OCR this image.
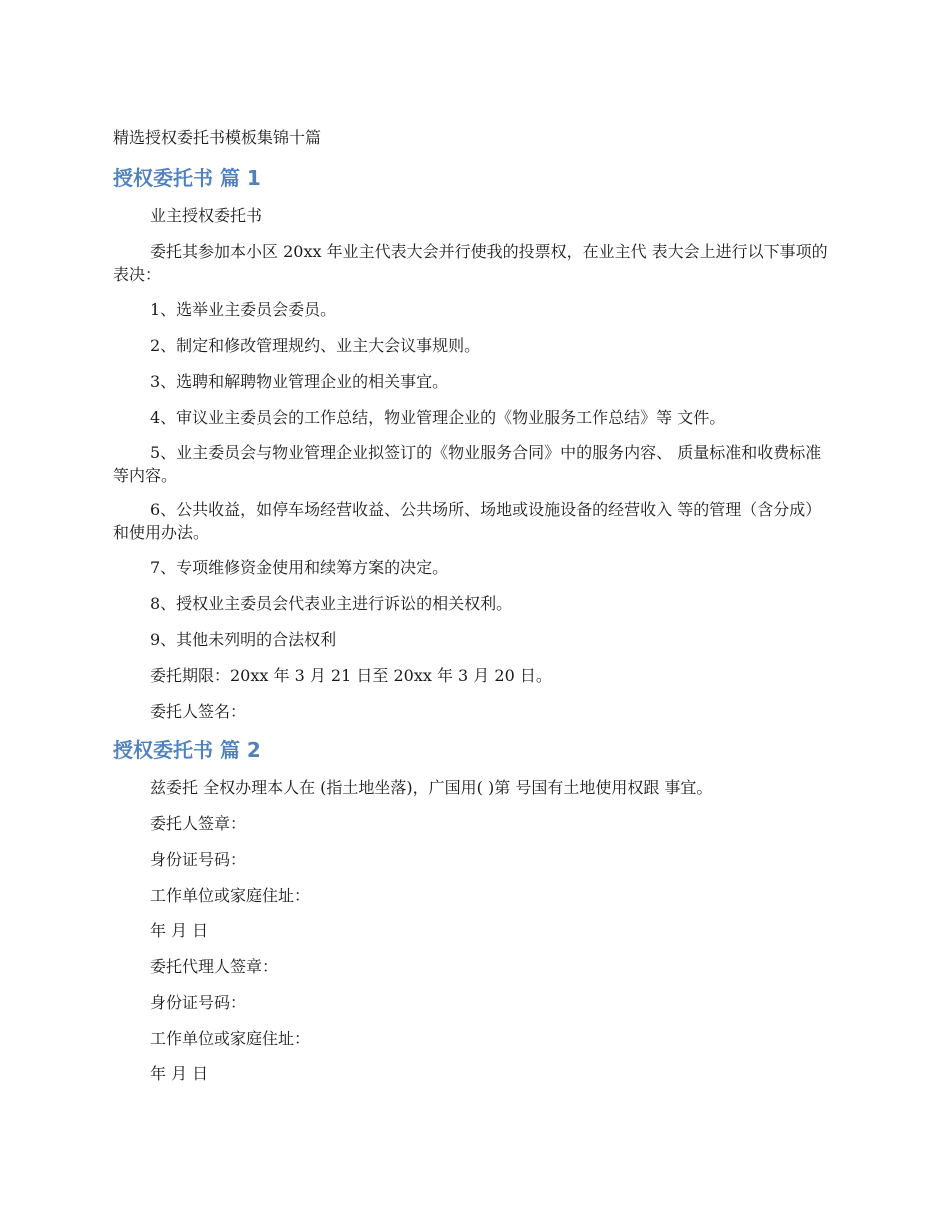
精选授权委托书模板集锦十篇
授权委托书 篇 1

业主授权委托书

委托其参加本小区 20xx 年业主代表大会并行使我的投票权，在业主代 表大会上进行以下事项的表决：

1、选举业主委员会委员。

2、制定和修改管理规约、业主大会议事规则。

3、选聘和解聘物业管理企业的相关事宜。

4、审议业主委员会的工作总结，物业管理企业的《物业服务工作总结》等 文件。

5、业主委员会与物业管理企业拟签订的《物业服务合同》中的服务内容、 质量标准和收费标准等内容。

6、公共收益，如停车场经营收益、公共场所、场地或设施设备的经营收入 等的管理（含分成）和使用办法。

7、专项维修资金使用和续筹方案的决定。

8、授权业主委员会代表业主进行诉讼的相关权利。

9、其他未列明的合法权利

委托期限：20xx 年 3 月 21 日至 20xx 年 3 月 20 日。

委托人签名：

授权委托书 篇 2

兹委托 全权办理本人在 (指土地坐落)，广国用( )第 号国有土地使用权跟 事宜。

委托人签章：

身份证号码：

工作单位或家庭住址：

年 月 日

委托代理人签章：

身份证号码：

工作单位或家庭住址：

年 月 日
